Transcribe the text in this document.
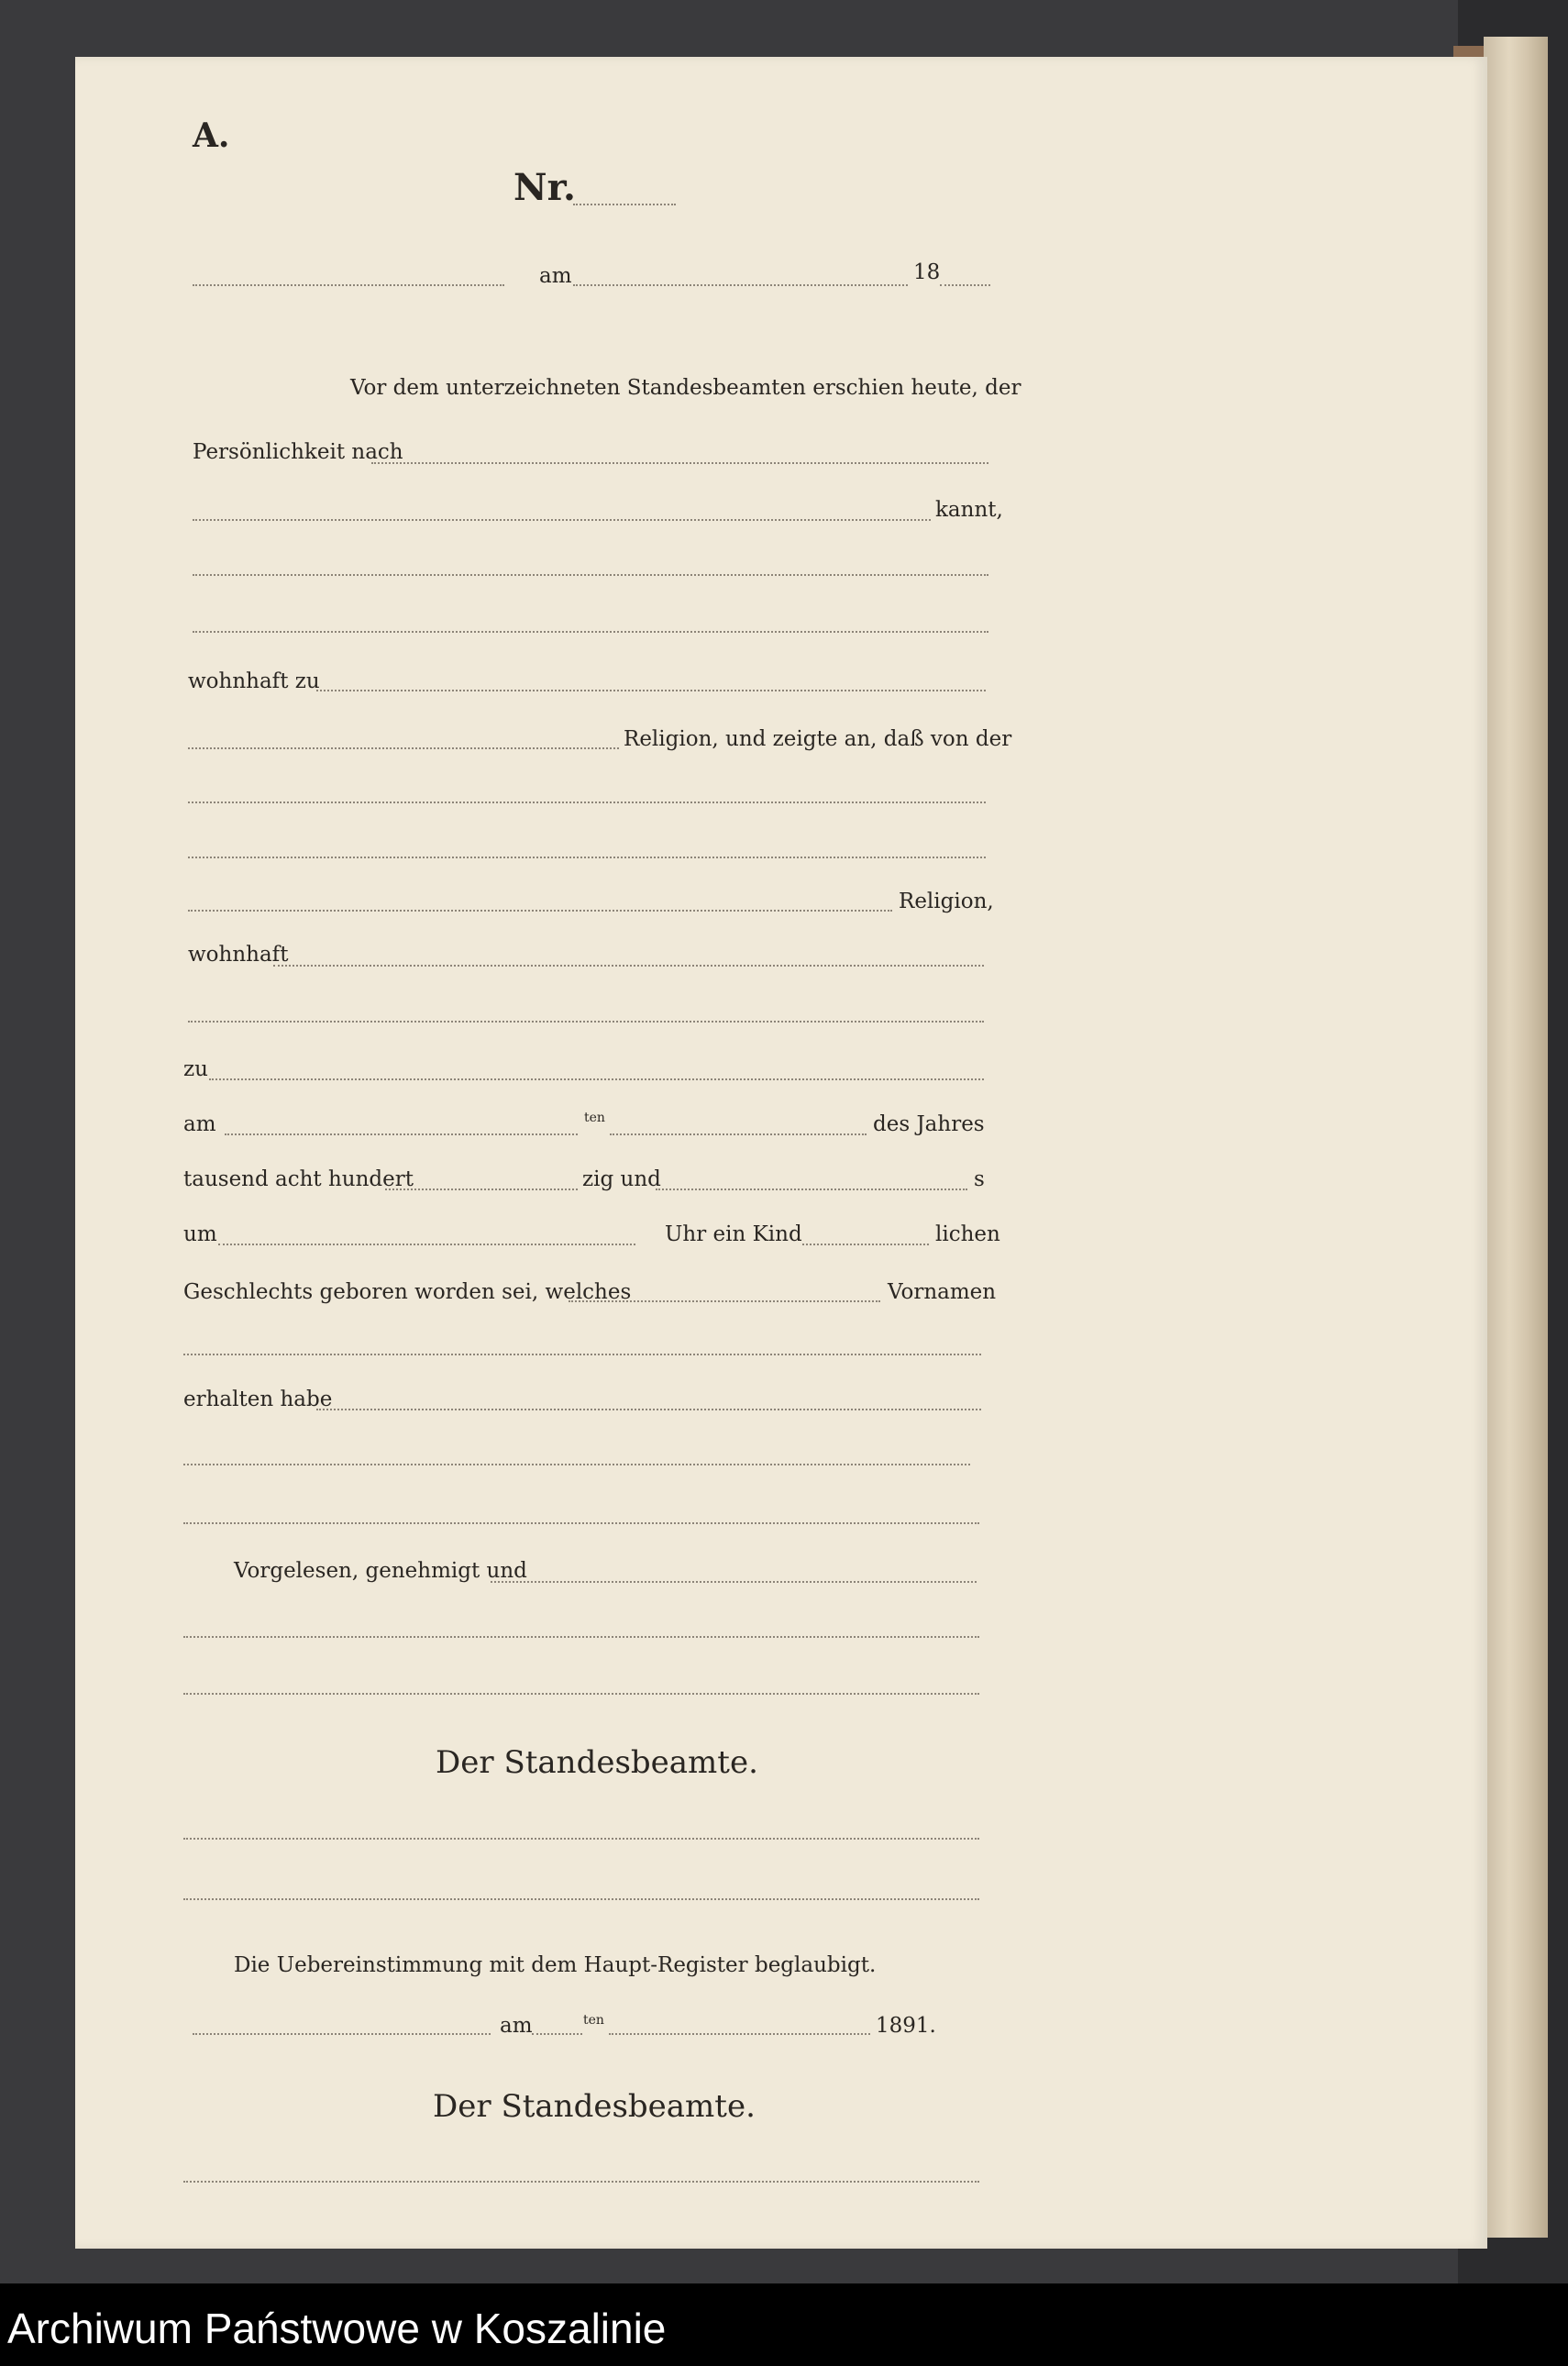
A.
Nr.
am	18
Vor dem unterzeichneten Standesbeamten erschien heute, der
Persönlichkeit nach
kannt,
wohnhaft zu
Religion, und zeigte an, daß von der
Religion,
wohnhaft
zu
am	ten	des Jahres
tausend acht hundert	zig und	s
um	Uhr ein Kind	lichen
Geschlechts geboren worden sei, welches	Vornamen
erhalten habe
Vorgelesen, genehmigt und
Der Standesbeamte.
Die Uebereinstimmung mit dem Haupt-Register beglaubigt.
am	ten	1891.
Der Standesbeamte.
Archiwum Państwowe w Koszalinie
